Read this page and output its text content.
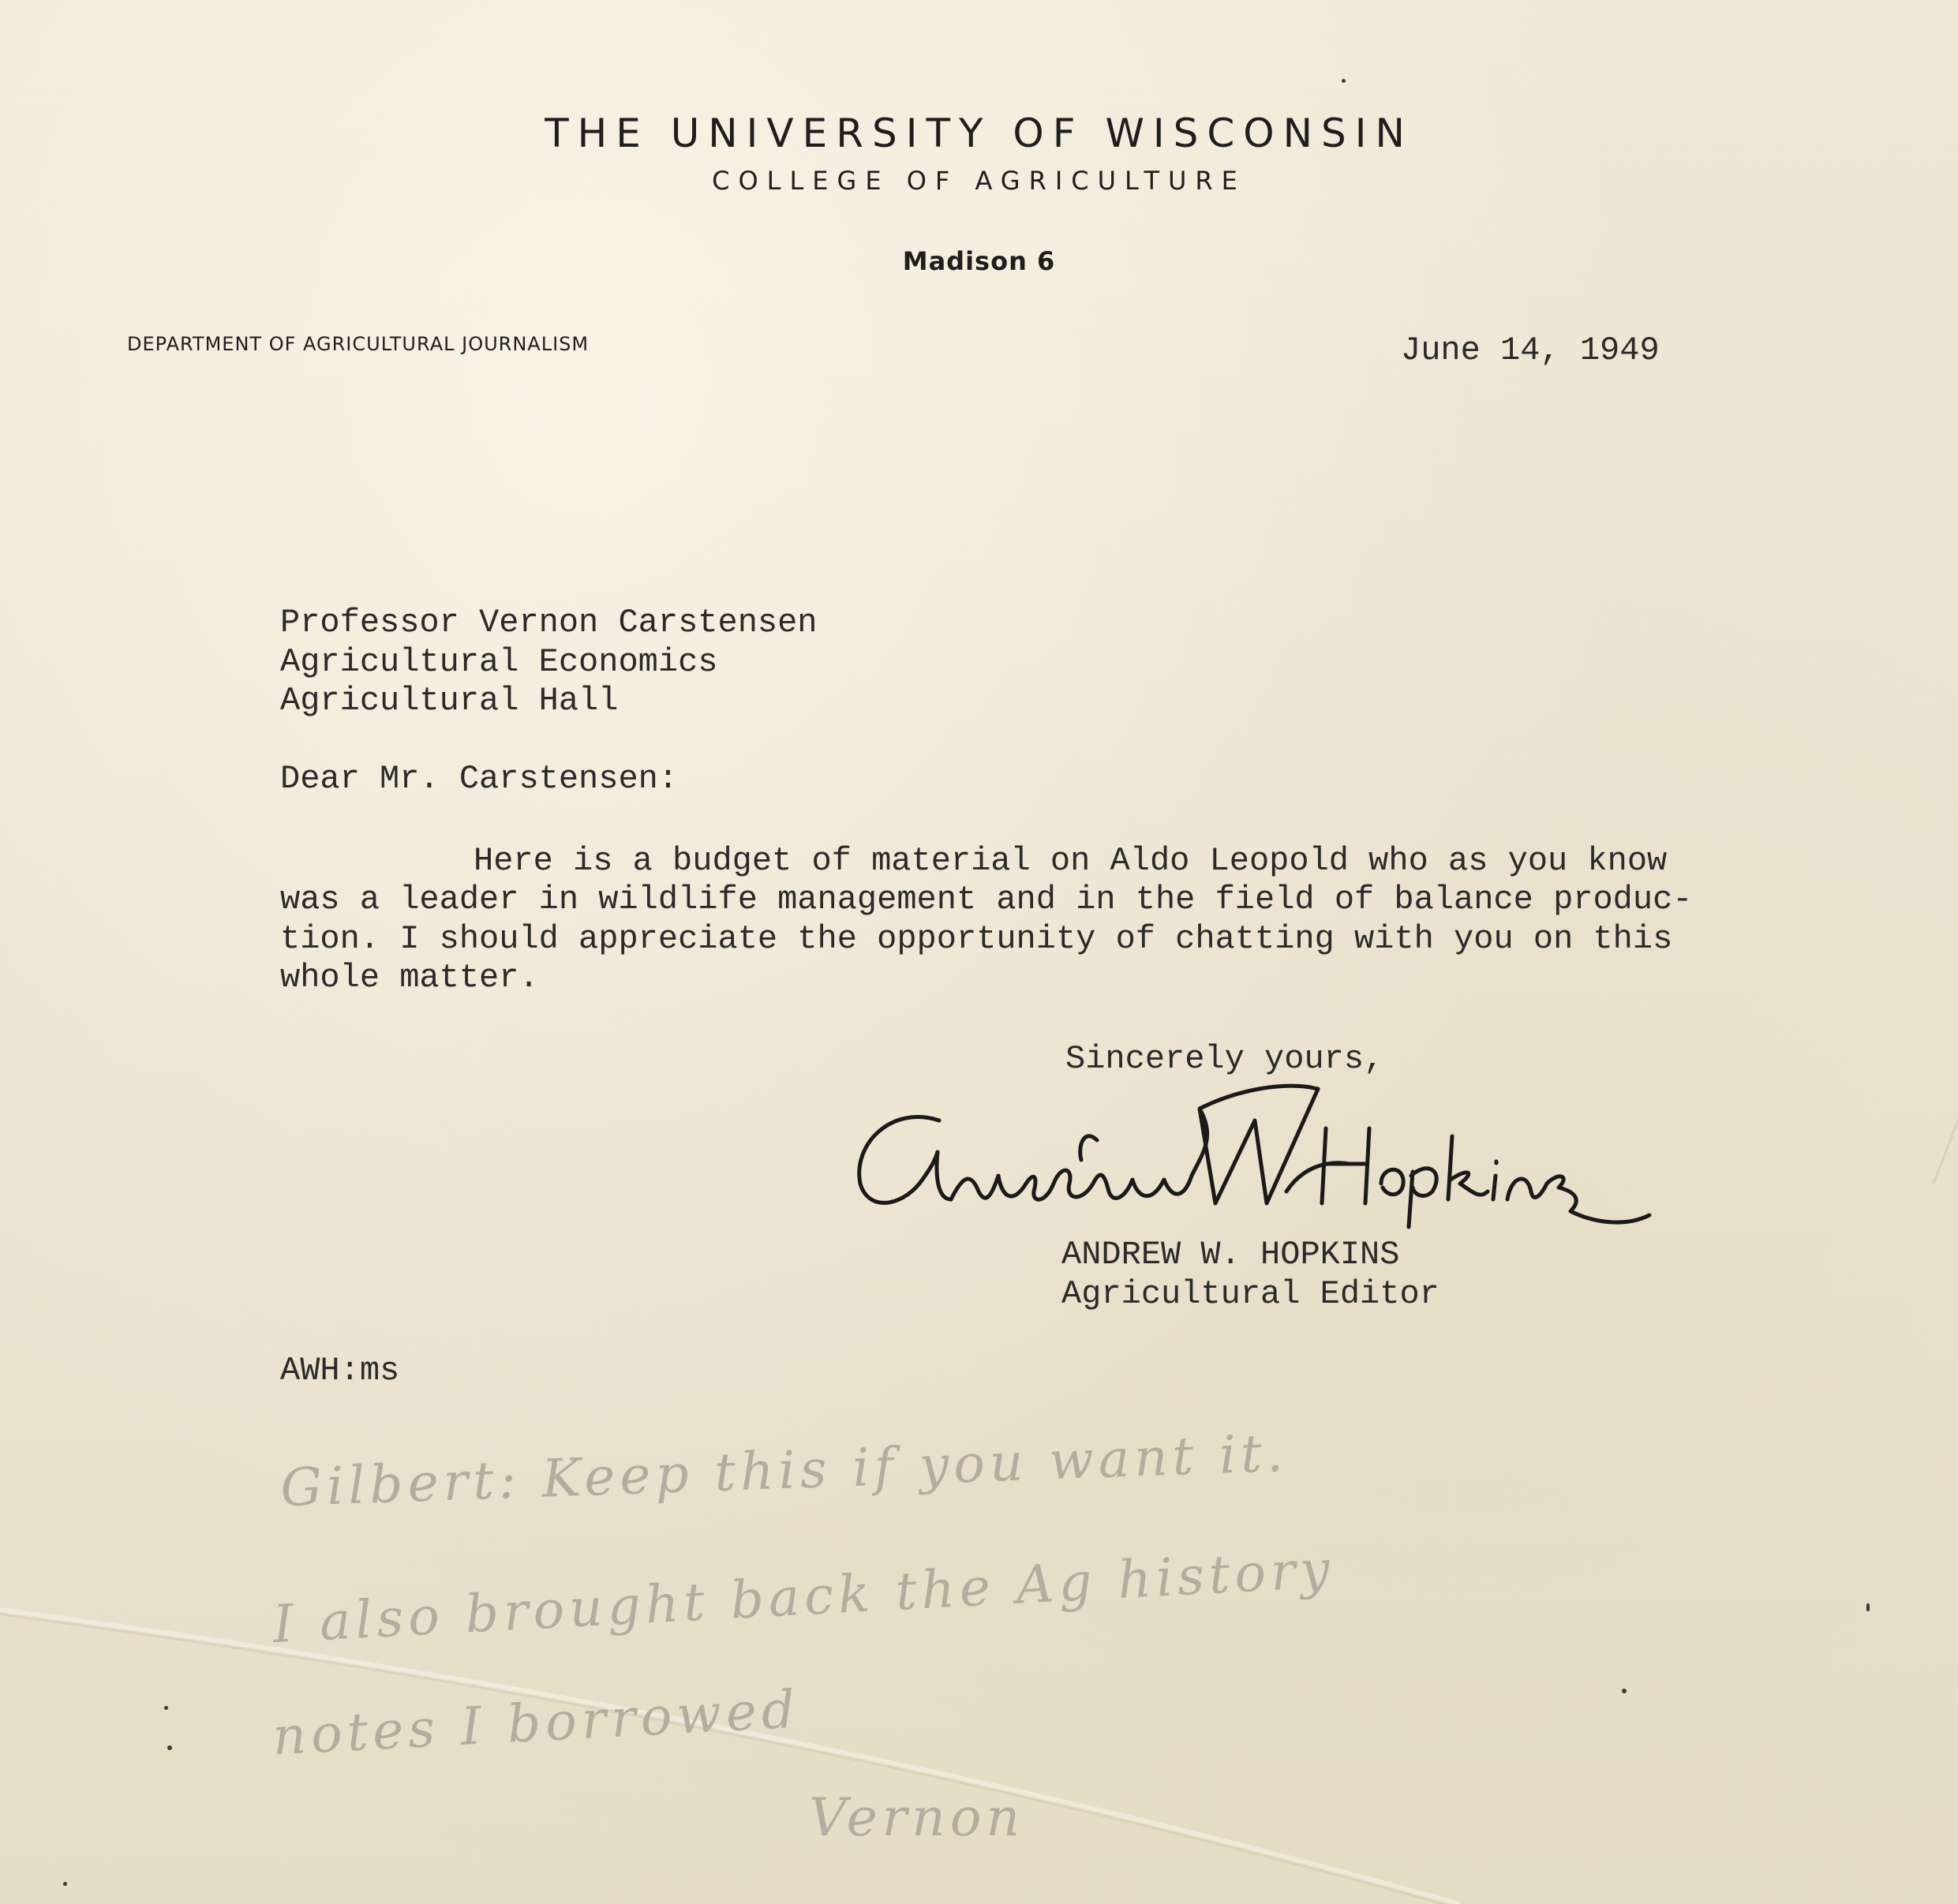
THE UNIVERSITY OF WISCONSIN
COLLEGE OF AGRICULTURE
Madison 6
DEPARTMENT OF AGRICULTURAL JOURNALISM	June 14, 1949
Professor Vernon Carstensen
Agricultural Economics
Agricultural Hall
Dear Mr. Carstensen:
Here is a budget of material on Aldo Leopold who as you know
was a leader in wildlife management and in the field of balance produc-
tion. I should appreciate the opportunity of chatting with you on this
whole matter.
Sincerely yours,
ANDREW W. HOPKINS
Agricultural Editor
AWH:ms
Gilbert: Keep this if you want it.
I also brought back the Ag history
notes I borrowed
Vernon
